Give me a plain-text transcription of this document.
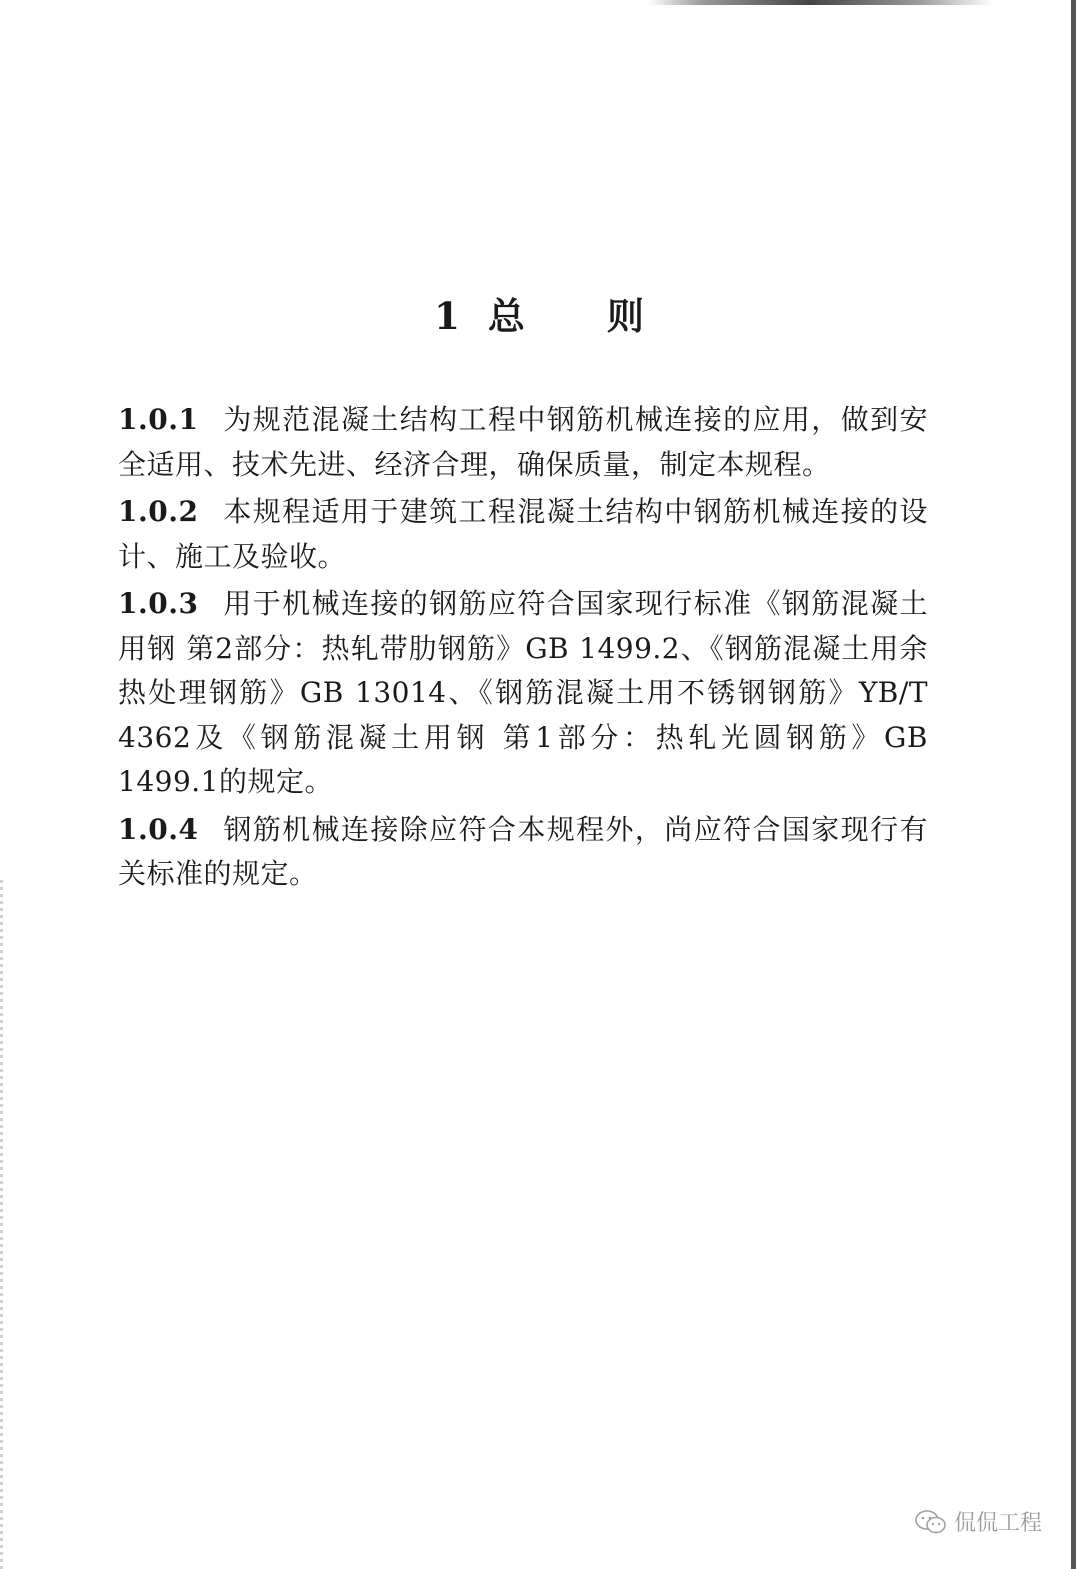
1 总 则

1.0.1 为规范混凝土结构工程中钢筋机械连接的应用，做到安全适用、技术先进、经济合理，确保质量，制定本规程。

1.0.2 本规程适用于建筑工程混凝土结构中钢筋机械连接的设计、施工及验收。

1.0.3 用于机械连接的钢筋应符合国家现行标准《钢筋混凝土用钢 第2部分：热轧带肋钢筋》GB 1499.2、《钢筋混凝土用余热处理钢筋》GB 13014、《钢筋混凝土用不锈钢钢筋》YB/T 4362及《钢筋混凝土用钢 第1部分：热轧光圆钢筋》GB 1499.1的规定。

1.0.4 钢筋机械连接除应符合本规程外，尚应符合国家现行有关标准的规定。

侃侃工程
